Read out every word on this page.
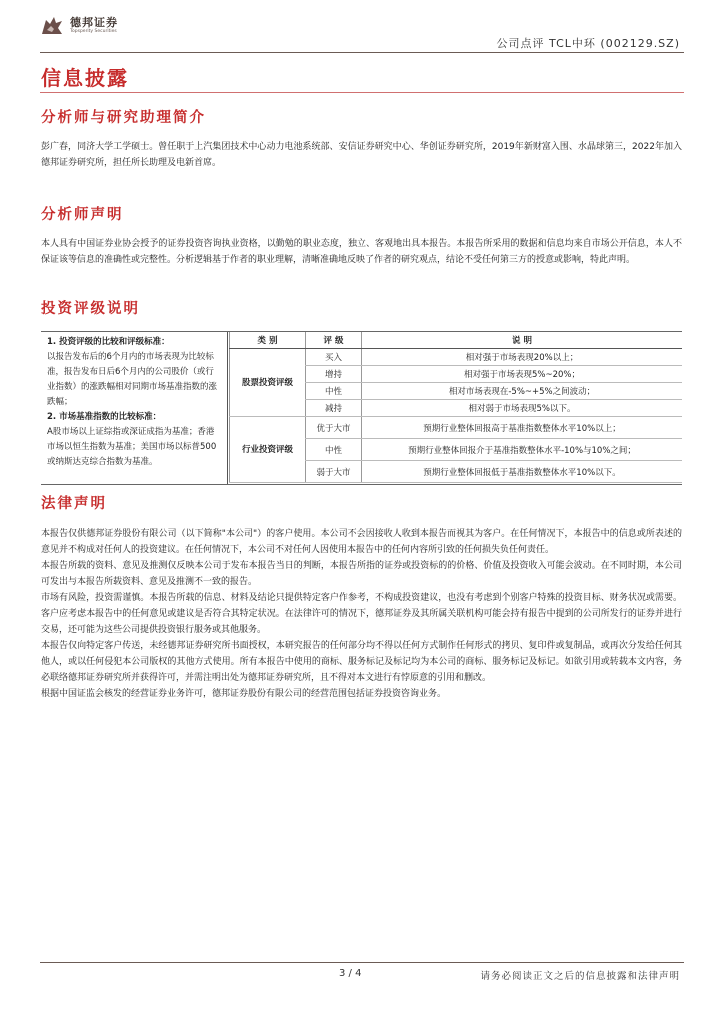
德邦证券
Topsperity Securities
公司点评 TCL中环 (002129.SZ)
信息披露
分析师与研究助理简介

彭广春，同济大学工学硕士。曾任职于上汽集团技术中心动力电池系统部、安信证券研究中心、华创证券研究所，2019年新财富入围、水晶球第三，2022年加入德邦证券研究所，担任所长助理及电新首席。

分析师声明

本人具有中国证券业协会授予的证券投资咨询执业资格，以勤勉的职业态度，独立、客观地出具本报告。本报告所采用的数据和信息均来自市场公开信息，本人不保证该等信息的准确性或完整性。分析逻辑基于作者的职业理解，清晰准确地反映了作者的研究观点，结论不受任何第三方的授意或影响，特此声明。

投资评级说明
1. 投资评级的比较和评级标准：
以报告发布后的6个月内的市场表现为比较标准，报告发布日后6个月内的公司股价（或行业指数）的涨跌幅相对同期市场基准指数的涨跌幅；
2. 市场基准指数的比较标准：
A股市场以上证综指或深证成指为基准；香港市场以恒生指数为基准；美国市场以标普500或纳斯达克综合指数为基准。
类 别	评 级	说 明
股票投资评级	买入	相对强于市场表现20%以上；
	增持	相对强于市场表现5%~20%；
	中性	相对市场表现在-5%~+5%之间波动；
	减持	相对弱于市场表现5%以下。
行业投资评级	优于大市	预期行业整体回报高于基准指数整体水平10%以上；
	中性	预期行业整体回报介于基准指数整体水平-10%与10%之间；
	弱于大市	预期行业整体回报低于基准指数整体水平10%以下。
法律声明

本报告仅供德邦证券股份有限公司（以下简称"本公司"）的客户使用。本公司不会因接收人收到本报告而视其为客户。在任何情况下，本报告中的信息或所表述的意见并不构成对任何人的投资建议。在任何情况下，本公司不对任何人因使用本报告中的任何内容所引致的任何损失负任何责任。
本报告所载的资料、意见及推测仅反映本公司于发布本报告当日的判断，本报告所指的证券或投资标的的价格、价值及投资收入可能会波动。在不同时期，本公司可发出与本报告所载资料、意见及推测不一致的报告。
市场有风险，投资需谨慎。本报告所载的信息、材料及结论只提供特定客户作参考，不构成投资建议，也没有考虑到个别客户特殊的投资目标、财务状况或需要。客户应考虑本报告中的任何意见或建议是否符合其特定状况。在法律许可的情况下，德邦证券及其所属关联机构可能会持有报告中提到的公司所发行的证券并进行交易，还可能为这些公司提供投资银行服务或其他服务。
本报告仅向特定客户传送，未经德邦证券研究所书面授权，本研究报告的任何部分均不得以任何方式制作任何形式的拷贝、复印件或复制品，或再次分发给任何其他人，或以任何侵犯本公司版权的其他方式使用。所有本报告中使用的商标、服务标记及标记均为本公司的商标、服务标记及标记。如欲引用或转载本文内容，务必联络德邦证券研究所并获得许可，并需注明出处为德邦证券研究所，且不得对本文进行有悖原意的引用和删改。
根据中国证监会核发的经营证券业务许可，德邦证券股份有限公司的经营范围包括证券投资咨询业务。

3 / 4	请务必阅读正文之后的信息披露和法律声明
